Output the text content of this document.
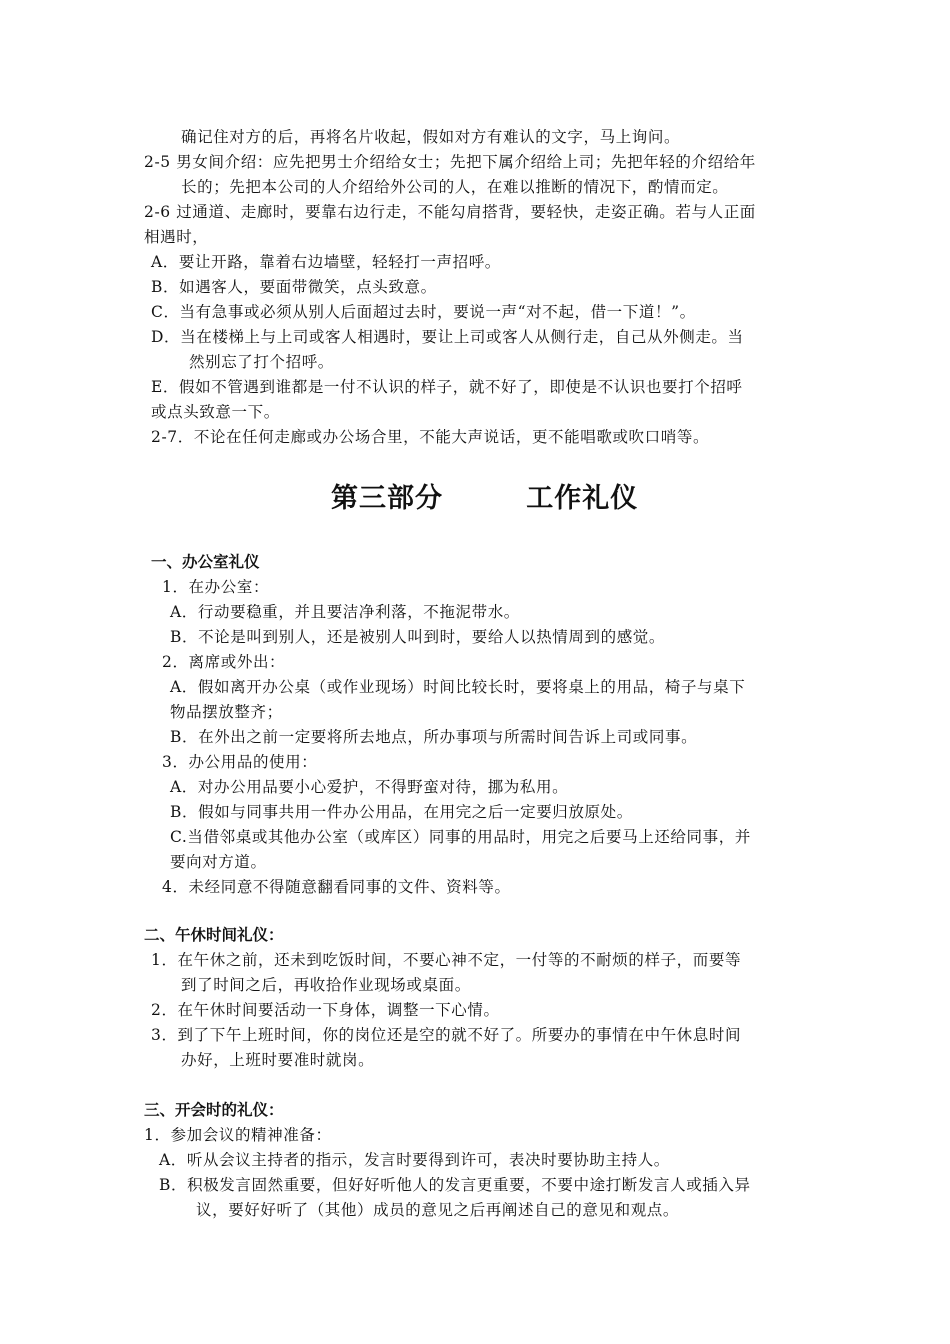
确记住对方的后，再将名片收起，假如对方有难认的文字，马上询问。
2-5 男女间介绍：应先把男士介绍给女士；先把下属介绍给上司；先把年轻的介绍给年
长的；先把本公司的人介绍给外公司的人，在难以推断的情况下，酌情而定。
2-6 过通道、走廊时，要靠右边行走，不能勾肩搭背，要轻快，走姿正确。若与人正面
相遇时，
A．要让开路，靠着右边墙壁，轻轻打一声招呼。
B．如遇客人，要面带微笑，点头致意。
C．当有急事或必须从别人后面超过去时，要说一声“对不起，借一下道！”。
D．当在楼梯上与上司或客人相遇时，要让上司或客人从侧行走，自己从外侧走。当
然别忘了打个招呼。
E．假如不管遇到谁都是一付不认识的样子，就不好了，即使是不认识也要打个招呼
或点头致意一下。
2-7．不论在任何走廊或办公场合里，不能大声说话，更不能唱歌或吹口哨等。
第三部分        工作礼仪
一、办公室礼仪
1．在办公室：
A．行动要稳重，并且要洁净利落，不拖泥带水。
B．不论是叫到别人，还是被别人叫到时，要给人以热情周到的感觉。
2．离席或外出：
A．假如离开办公桌（或作业现场）时间比较长时，要将桌上的用品，椅子与桌下
物品摆放整齐；
B．在外出之前一定要将所去地点，所办事项与所需时间告诉上司或同事。
3．办公用品的使用：
A．对办公用品要小心爱护，不得野蛮对待，挪为私用。
B．假如与同事共用一件办公用品，在用完之后一定要归放原处。
C.当借邻桌或其他办公室（或库区）同事的用品时，用完之后要马上还给同事，并
要向对方道。
4．未经同意不得随意翻看同事的文件、资料等。
二、午休时间礼仪：
1．在午休之前，还未到吃饭时间，不要心神不定，一付等的不耐烦的样子，而要等
到了时间之后，再收拾作业现场或桌面。
2．在午休时间要活动一下身体，调整一下心情。
3．到了下午上班时间，你的岗位还是空的就不好了。所要办的事情在中午休息时间
办好，上班时要准时就岗。
三、开会时的礼仪：
1．参加会议的精神准备：
A．听从会议主持者的指示，发言时要得到许可，表决时要协助主持人。
B．积极发言固然重要，但好好听他人的发言更重要，不要中途打断发言人或插入异
议，要好好听了（其他）成员的意见之后再阐述自己的意见和观点。
